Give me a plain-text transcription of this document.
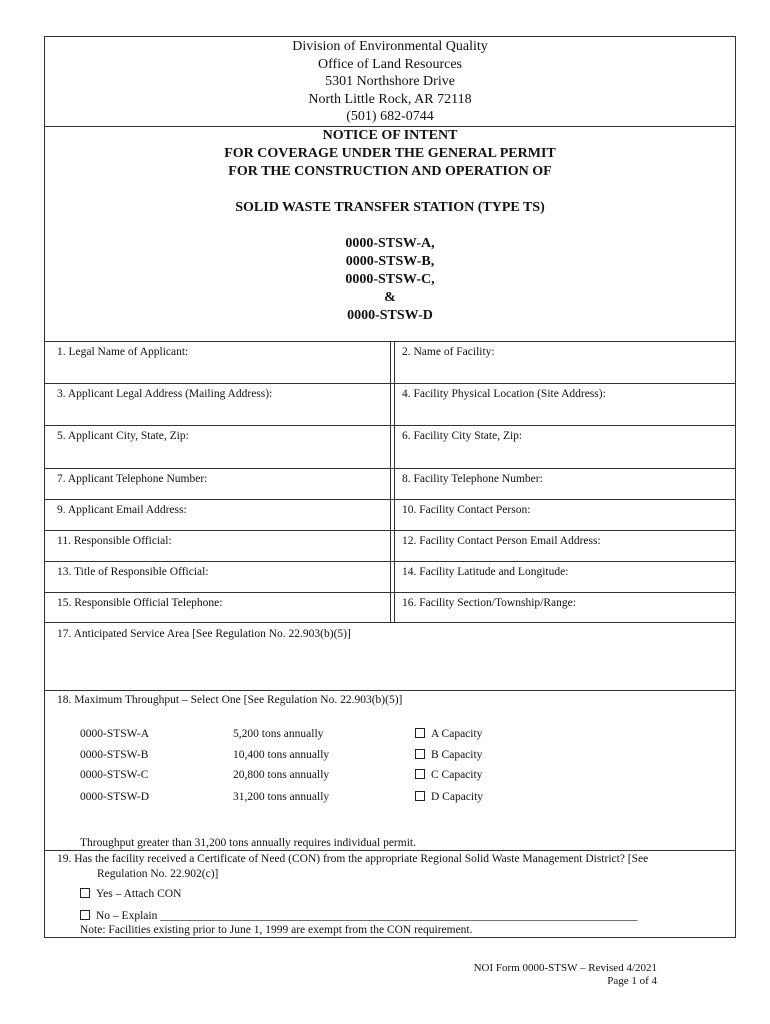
Division of Environmental Quality
Office of Land Resources
5301 Northshore Drive
North Little Rock, AR 72118
(501) 682-0744
NOTICE OF INTENT
FOR COVERAGE UNDER THE GENERAL PERMIT
FOR THE CONSTRUCTION AND OPERATION OF
SOLID WASTE TRANSFER STATION (TYPE TS)
0000-STSW-A,
0000-STSW-B,
0000-STSW-C,
&
0000-STSW-D
1. Legal Name of Applicant:	2. Name of Facility:
3. Applicant Legal Address (Mailing Address):	4. Facility Physical Location (Site Address):
5. Applicant City, State, Zip:	6. Facility City State, Zip:
7. Applicant Telephone Number:	8. Facility Telephone Number:
9. Applicant Email Address:	10. Facility Contact Person:
11. Responsible Official:	12. Facility Contact Person Email Address:
13. Title of Responsible Official:	14. Facility Latitude and Longitude:
15. Responsible Official Telephone:	16. Facility Section/Township/Range:
17. Anticipated Service Area [See Regulation No. 22.903(b)(5)]
18. Maximum Throughput – Select One [See Regulation No. 22.903(b)(5)]
0000-STSW-A	5,200 tons annually	A Capacity
0000-STSW-B	10,400 tons annually	B Capacity
0000-STSW-C	20,800 tons annually	C Capacity
0000-STSW-D	31,200 tons annually	D Capacity
Throughput greater than 31,200 tons annually requires individual permit.
19. Has the facility received a Certificate of Need (CON) from the appropriate Regional Solid Waste Management District? [See
Regulation No. 22.902(c)]
Yes – Attach CON
No – Explain ___________________________________________________________________________________
Note: Facilities existing prior to June 1, 1999 are exempt from the CON requirement.
NOI Form 0000-STSW – Revised 4/2021
Page 1 of 4
